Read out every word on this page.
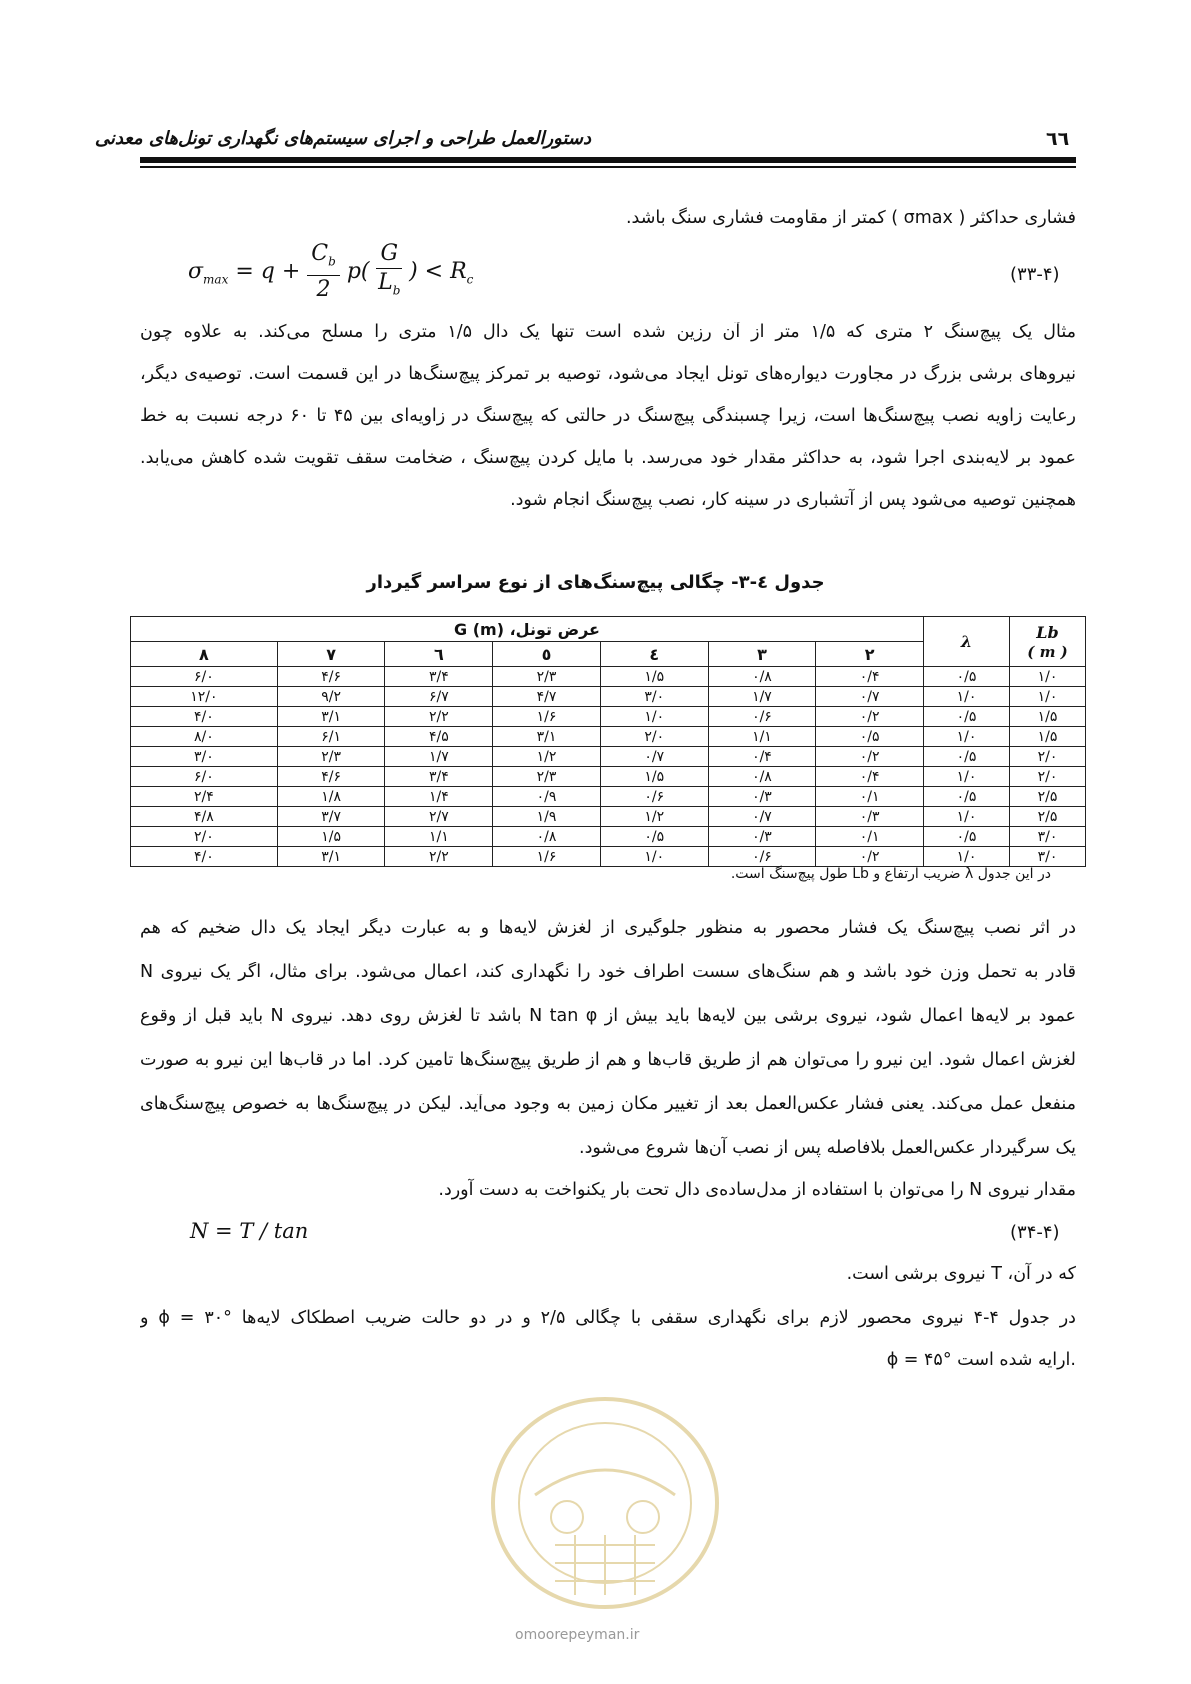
٦٦
دستورالعمل طراحی و اجرای سیستم‌های نگهداری تونل‌های معدنی
فشاری حداکثر ( σmax ) کمتر از مقاومت فشاری سنگ باشد.
$\sigma_{max} = q + \frac{C_b}{2} p( \frac{G}{L_b}$ ) < $R_c$	(۳۳-۴)
مثال یک پیچ‌سنگ ۲ متری که ۱/۵ متر از آن رزین شده است تنها یک دال ۱/۵ متری را مسلح می‌کند. به علاوه چون
نیروهای برشی بزرگ در مجاورت دیواره‌های تونل ایجاد می‌شود، توصیه بر تمرکز پیچ‌سنگ‌ها در این قسمت است. توصیه‌ی دیگر،
رعایت زاویه نصب پیچ‌سنگ‌ها است، زیرا چسبندگی پیچ‌سنگ در حالتی که پیچ‌سنگ در زاویه‌ای بین ۴۵ تا ۶۰ درجه نسبت به خط
عمود بر لایه‌بندی اجرا شود، به حداکثر مقدار خود می‌رسد. با مایل کردن پیچ‌سنگ ، ضخامت سقف تقویت شده کاهش می‌یابد.
همچنین توصیه می‌شود پس از آتشباری در سینه کار، نصب پیچ‌سنگ انجام شود.
جدول ٤-۳- چگالی پیچ‌سنگ‌های از نوع سراسر گیردار
Lb
( m )	λ	عرض تونل، G (m)						
		۲	۳	٤	٥	٦	۷	۸
۱/۰	۰/۵	۰/۴	۰/۸	۱/۵	۲/۳	۳/۴	۴/۶	۶/۰
۱/۰	۱/۰	۰/۷	۱/۷	۳/۰	۴/۷	۶/۷	۹/۲	۱۲/۰
۱/۵	۰/۵	۰/۲	۰/۶	۱/۰	۱/۶	۲/۲	۳/۱	۴/۰
۱/۵	۱/۰	۰/۵	۱/۱	۲/۰	۳/۱	۴/۵	۶/۱	۸/۰
۲/۰	۰/۵	۰/۲	۰/۴	۰/۷	۱/۲	۱/۷	۲/۳	۳/۰
۲/۰	۱/۰	۰/۴	۰/۸	۱/۵	۲/۳	۳/۴	۴/۶	۶/۰
۲/۵	۰/۵	۰/۱	۰/۳	۰/۶	۰/۹	۱/۴	۱/۸	۲/۴
۲/۵	۱/۰	۰/۳	۰/۷	۱/۲	۱/۹	۲/۷	۳/۷	۴/۸
۳/۰	۰/۵	۰/۱	۰/۳	۰/۵	۰/۸	۱/۱	۱/۵	۲/۰
۳/۰	۱/۰	۰/۲	۰/۶	۱/۰	۱/۶	۲/۲	۳/۱	۴/۰
در این جدول λ ضریب ارتفاع و Lb طول پیچ‌سنگ است.
در اثر نصب پیچ‌سنگ یک فشار محصور به منظور جلوگیری از لغزش لایه‌ها و به عبارت دیگر ایجاد یک دال ضخیم که هم
قادر به تحمل وزن خود باشد و هم سنگ‌های سست اطراف خود را نگهداری کند، اعمال می‌شود. برای مثال، اگر یک نیروی N
عمود بر لایه‌ها اعمال شود، نیروی برشی بین لایه‌ها باید بیش از N tan φ باشد تا لغزش روی دهد. نیروی N باید قبل از وقوع
لغزش اعمال شود. این نیرو را می‌توان هم از طریق قاب‌ها و هم از طریق پیچ‌سنگ‌ها تامین کرد. اما در قاب‌ها این نیرو به صورت
منفعل عمل می‌کند. یعنی فشار عکس‌العمل بعد از تغییر مکان زمین به وجود می‌آید. لیکن در پیچ‌سنگ‌ها به خصوص پیچ‌سنگ‌های
یک سرگیردار عکس‌العمل بلافاصله پس از نصب آن‌ها شروع می‌شود.
مقدار نیروی N را می‌توان با استفاده از مدل‌ساده‌ی دال تحت بار یکنواخت به دست آورد.
N = T / tan	(۳۴-۴)
که در آن، T نیروی برشی است.
در جدول ۴-۴ نیروی محصور لازم برای نگهداری سقفی با چگالی ۲/۵ و در دو حالت ضریب اصطکاک لایه‌ها °ϕ = ۳۰ و
ϕ = ۴۵° ارایه شده است.
omoorepeyman.ir
